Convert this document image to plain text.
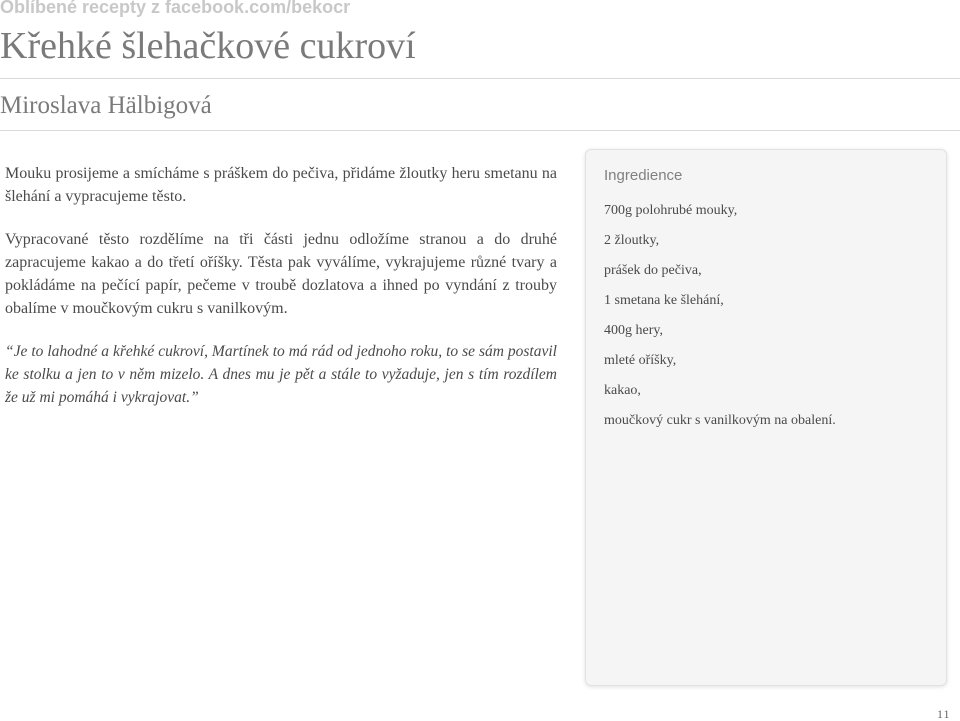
Oblíbené recepty z facebook.com/bekocr
Křehké šlehačkové cukroví
Miroslava Hälbigová

Mouku prosijeme a smícháme s práškem do pečiva, přidáme žloutky heru smetanu na šlehání a vypracujeme těsto.

Vypracované těsto rozdělíme na tři části jednu odložíme stranou a do druhé zapracujeme kakao a do třetí oříšky. Těsta pak vyválíme, vykrajujeme různé tvary a pokládáme na pečící papír, pečeme v troubě dozlatova a ihned po vyndání z trouby obalíme v moučkovým cukru s vanilkovým.

“Je to lahodné a křehké cukroví, Martínek to má rád od jednoho roku, to se sám postavil ke stolku a jen to v něm mizelo. A dnes mu je pět a stále to vyžaduje, jen s tím rozdílem že už mi pomáhá i vykrajovat.”

Ingredience
700g polohrubé mouky,
2 žloutky,
prášek do pečiva,
1 smetana ke šlehání,
400g hery,
mleté oříšky,
kakao,
moučkový cukr s vanilkovým na obalení.
11
